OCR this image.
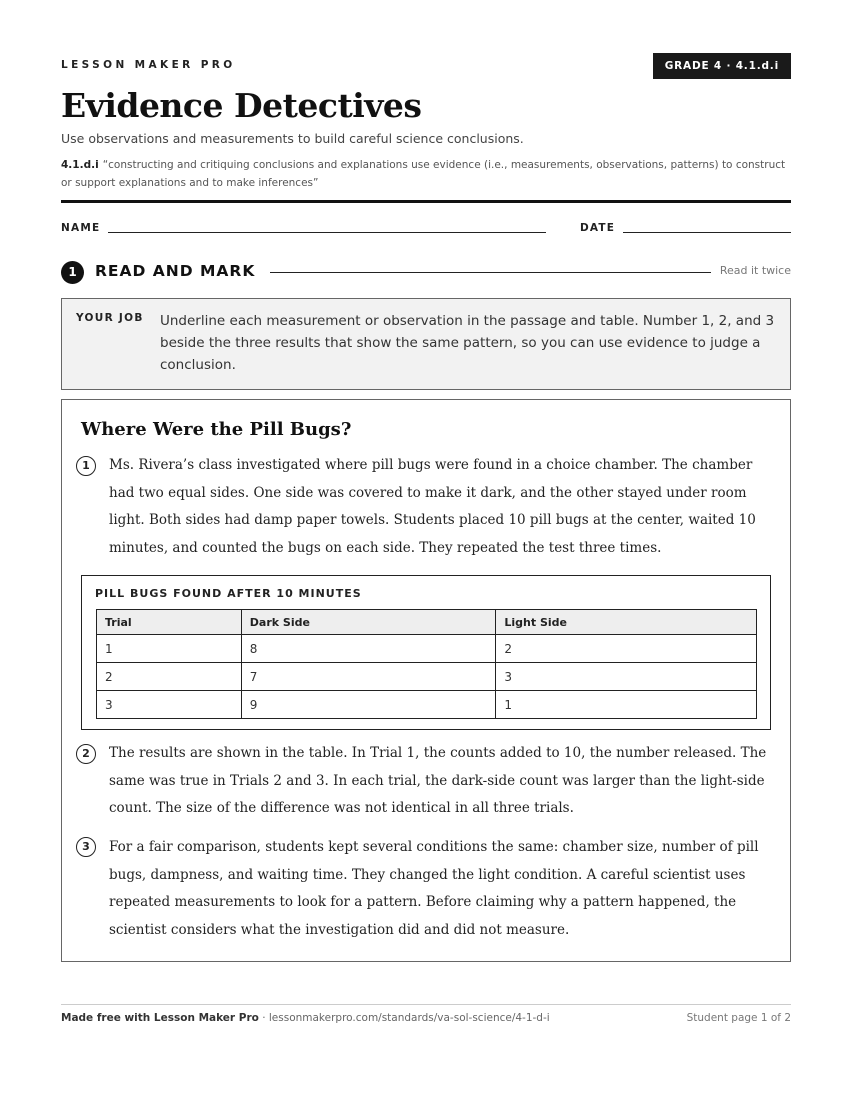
LESSON MAKER PRO	GRADE 4 · 4.1.d.i
Evidence Detectives
Use observations and measurements to build careful science conclusions.
4.1.d.i “constructing and critiquing conclusions and explanations use evidence (i.e., measurements, observations, patterns) to construct or support explanations and to make inferences”
NAME	DATE
1	READ AND MARK	Read it twice
YOUR JOB Underline each measurement or observation in the passage and table. Number 1, 2, and 3 beside the three results that show the same pattern, so you can use evidence to judge a conclusion.
Where Were the Pill Bugs?
1	Ms. Rivera’s class investigated where pill bugs were found in a choice chamber. The chamber had two equal sides. One side was covered to make it dark, and the other stayed under room light. Both sides had damp paper towels. Students placed 10 pill bugs at the center, waited 10 minutes, and counted the bugs on each side. They repeated the test three times.
PILL BUGS FOUND AFTER 10 MINUTES
Trial	Dark Side	Light Side
1	8	2
2	7	3
3	9	1
2	The results are shown in the table. In Trial 1, the counts added to 10, the number released. The same was true in Trials 2 and 3. In each trial, the dark-side count was larger than the light-side count. The size of the difference was not identical in all three trials.
3	For a fair comparison, students kept several conditions the same: chamber size, number of pill bugs, dampness, and waiting time. They changed the light condition. A careful scientist uses repeated measurements to look for a pattern. Before claiming why a pattern happened, the scientist considers what the investigation did and did not measure.
Made free with Lesson Maker Pro · lessonmakerpro.com/standards/va-sol-science/4-1-d-i	Student page 1 of 2
